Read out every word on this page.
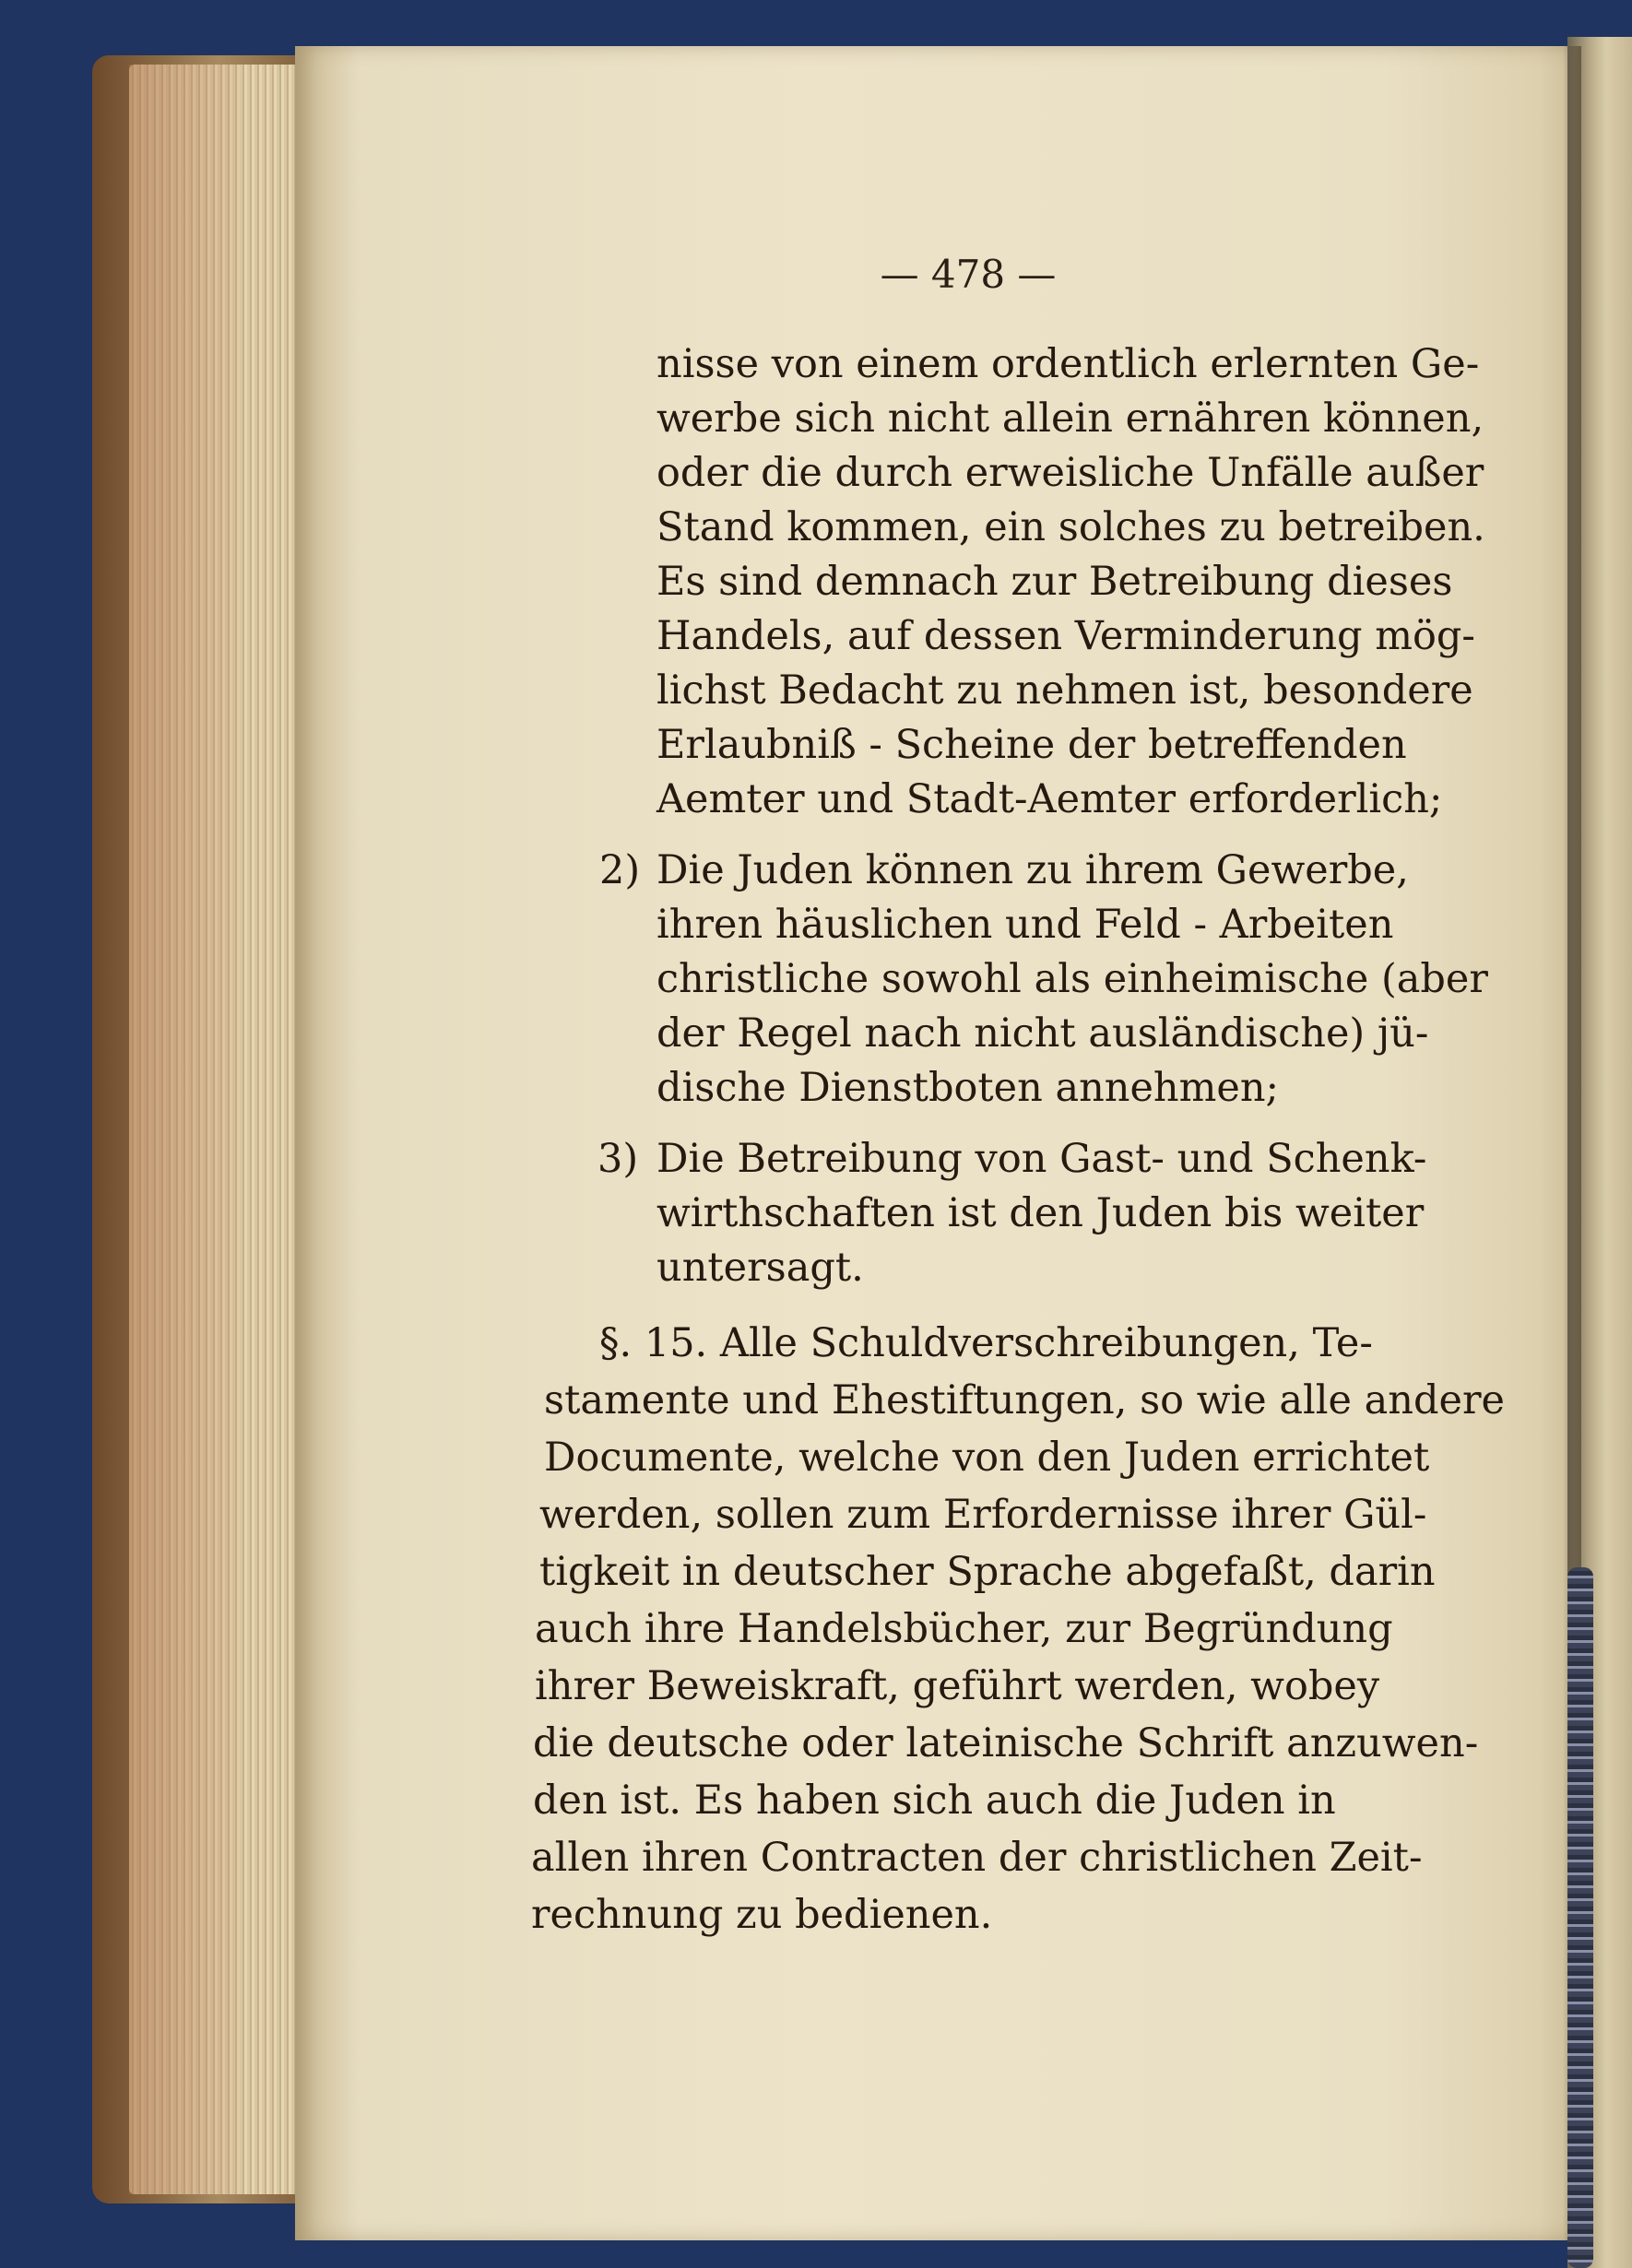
— 478 —
nisse von einem ordentlich erlernten Ge-
werbe sich nicht allein ernähren können,
oder die durch erweisliche Unfälle außer
Stand kommen, ein solches zu betreiben.
Es sind demnach zur Betreibung dieses
Handels, auf dessen Verminderung mög-
lichst Bedacht zu nehmen ist, besondere
Erlaubniß - Scheine der betreffenden
Aemter und Stadt-Aemter erforderlich;
2) Die Juden können zu ihrem Gewerbe,
ihren häuslichen und Feld - Arbeiten
christliche sowohl als einheimische (aber
der Regel nach nicht ausländische) jü-
dische Dienstboten annehmen;
3) Die Betreibung von Gast- und Schenk-
wirthschaften ist den Juden bis weiter
untersagt.
§. 15. Alle Schuldverschreibungen, Te-
stamente und Ehestiftungen, so wie alle andere
Documente, welche von den Juden errichtet
werden, sollen zum Erfordernisse ihrer Gül-
tigkeit in deutscher Sprache abgefaßt, darin
auch ihre Handelsbücher, zur Begründung
ihrer Beweiskraft, geführt werden, wobey
die deutsche oder lateinische Schrift anzuwen-
den ist. Es haben sich auch die Juden in
allen ihren Contracten der christlichen Zeit-
rechnung zu bedienen.
